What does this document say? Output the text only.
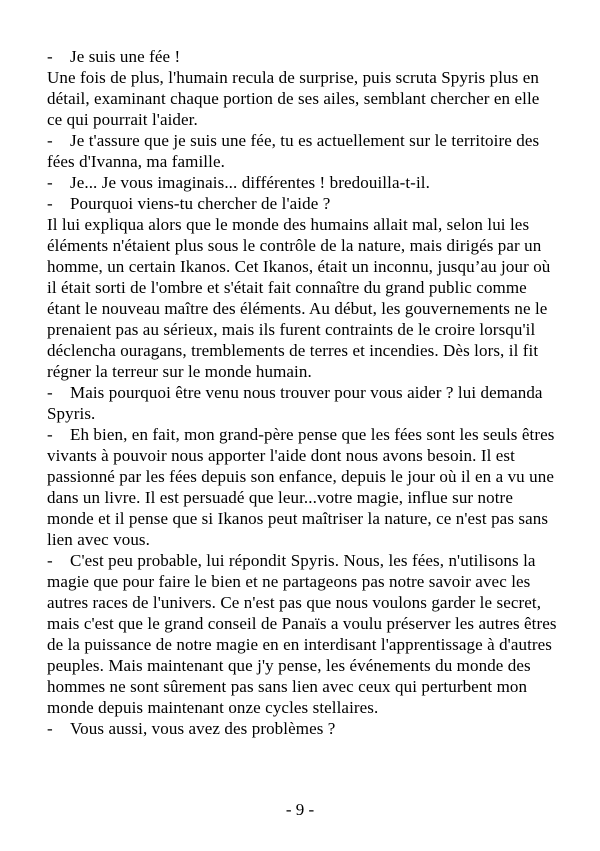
- Je suis une fée !

Une fois de plus, l'humain recula de surprise, puis scruta Spyris plus en détail, examinant chaque portion de ses ailes, semblant chercher en elle ce qui pourrait l'aider.

- Je t'assure que je suis une fée, tu es actuellement sur le territoire des fées d'Ivanna, ma famille.

- Je... Je vous imaginais... différentes ! bredouilla-t-il.

- Pourquoi viens-tu chercher de l'aide ?

Il lui expliqua alors que le monde des humains allait mal, selon lui les éléments n'étaient plus sous le contrôle de la nature, mais dirigés par un homme, un certain Ikanos. Cet Ikanos, était un inconnu, jusqu’au jour où il était sorti de l'ombre et s'était fait connaître du grand public comme étant le nouveau maître des éléments. Au début, les gouvernements ne le prenaient pas au sérieux, mais ils furent contraints de le croire lorsqu'il déclencha ouragans, tremblements de terres et incendies. Dès lors, il fit régner la terreur sur le monde humain.

- Mais pourquoi être venu nous trouver pour vous aider ? lui demanda Spyris.

- Eh bien, en fait, mon grand-père pense que les fées sont les seuls êtres vivants à pouvoir nous apporter l'aide dont nous avons besoin. Il est passionné par les fées depuis son enfance, depuis le jour où il en a vu une dans un livre. Il est persuadé que leur...votre magie, influe sur notre monde et il pense que si Ikanos peut maîtriser la nature, ce n'est pas sans lien avec vous.

- C'est peu probable, lui répondit Spyris. Nous, les fées, n'utilisons la magie que pour faire le bien et ne partageons pas notre savoir avec les autres races de l'univers. Ce n'est pas que nous voulons garder le secret, mais c'est que le grand conseil de Panaïs a voulu préserver les autres êtres de la puissance de notre magie en en interdisant l'apprentissage à d'autres peuples. Mais maintenant que j'y pense, les événements du monde des hommes ne sont sûrement pas sans lien avec ceux qui perturbent mon monde depuis maintenant onze cycles stellaires.

- Vous aussi, vous avez des problèmes ?

- 9 -
